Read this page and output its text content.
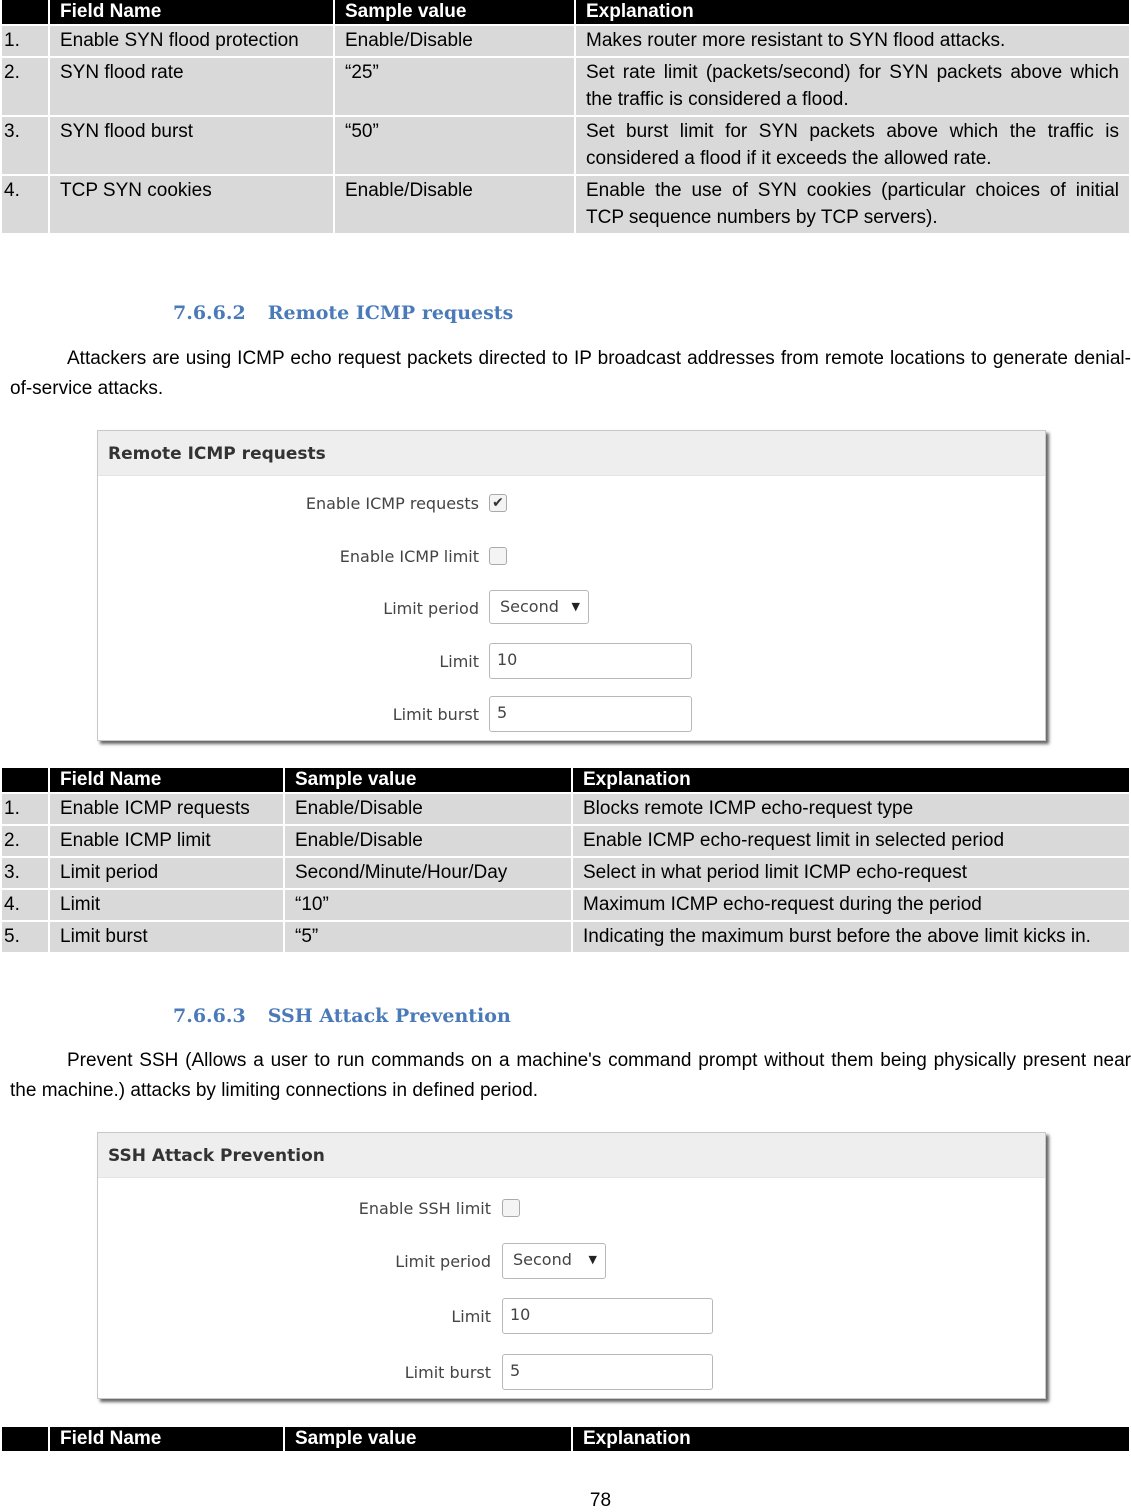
	Field Name	Sample value	Explanation
1.	Enable SYN flood protection	Enable/Disable	Makes router more resistant to SYN flood attacks.
2.	SYN flood rate	“25”	Set rate limit (packets/second) for SYN packets above which the traffic is considered a flood.
3.	SYN flood burst	“50”	Set burst limit for SYN packets above which the traffic is considered a flood if it exceeds the allowed rate.
4.	TCP SYN cookies	Enable/Disable	Enable the use of SYN cookies (particular choices of initial TCP sequence numbers by TCP servers).
7.6.6.2 Remote ICMP requests
Attackers are using ICMP echo request packets directed to IP broadcast addresses from remote locations to generate denial-of-service attacks.
Remote ICMP requests
Enable ICMP requests ✔
Enable ICMP limit
Limit period	Second ▼
Limit	10
Limit burst	5
	Field Name	Sample value	Explanation
1.	Enable ICMP requests	Enable/Disable	Blocks remote ICMP echo-request type
2.	Enable ICMP limit	Enable/Disable	Enable ICMP echo-request limit in selected period
3.	Limit period	Second/Minute/Hour/Day	Select in what period limit ICMP echo-request
4.	Limit	“10”	Maximum ICMP echo-request during the period
5.	Limit burst	“5”	Indicating the maximum burst before the above limit kicks in.
7.6.6.3 SSH Attack Prevention
Prevent SSH (Allows a user to run commands on a machine's command prompt without them being physically present near the machine.) attacks by limiting connections in defined period.
SSH Attack Prevention
Enable SSH limit
Limit period	Second ▼
Limit	10
Limit burst	5
	Field Name	Sample value	Explanation
78
